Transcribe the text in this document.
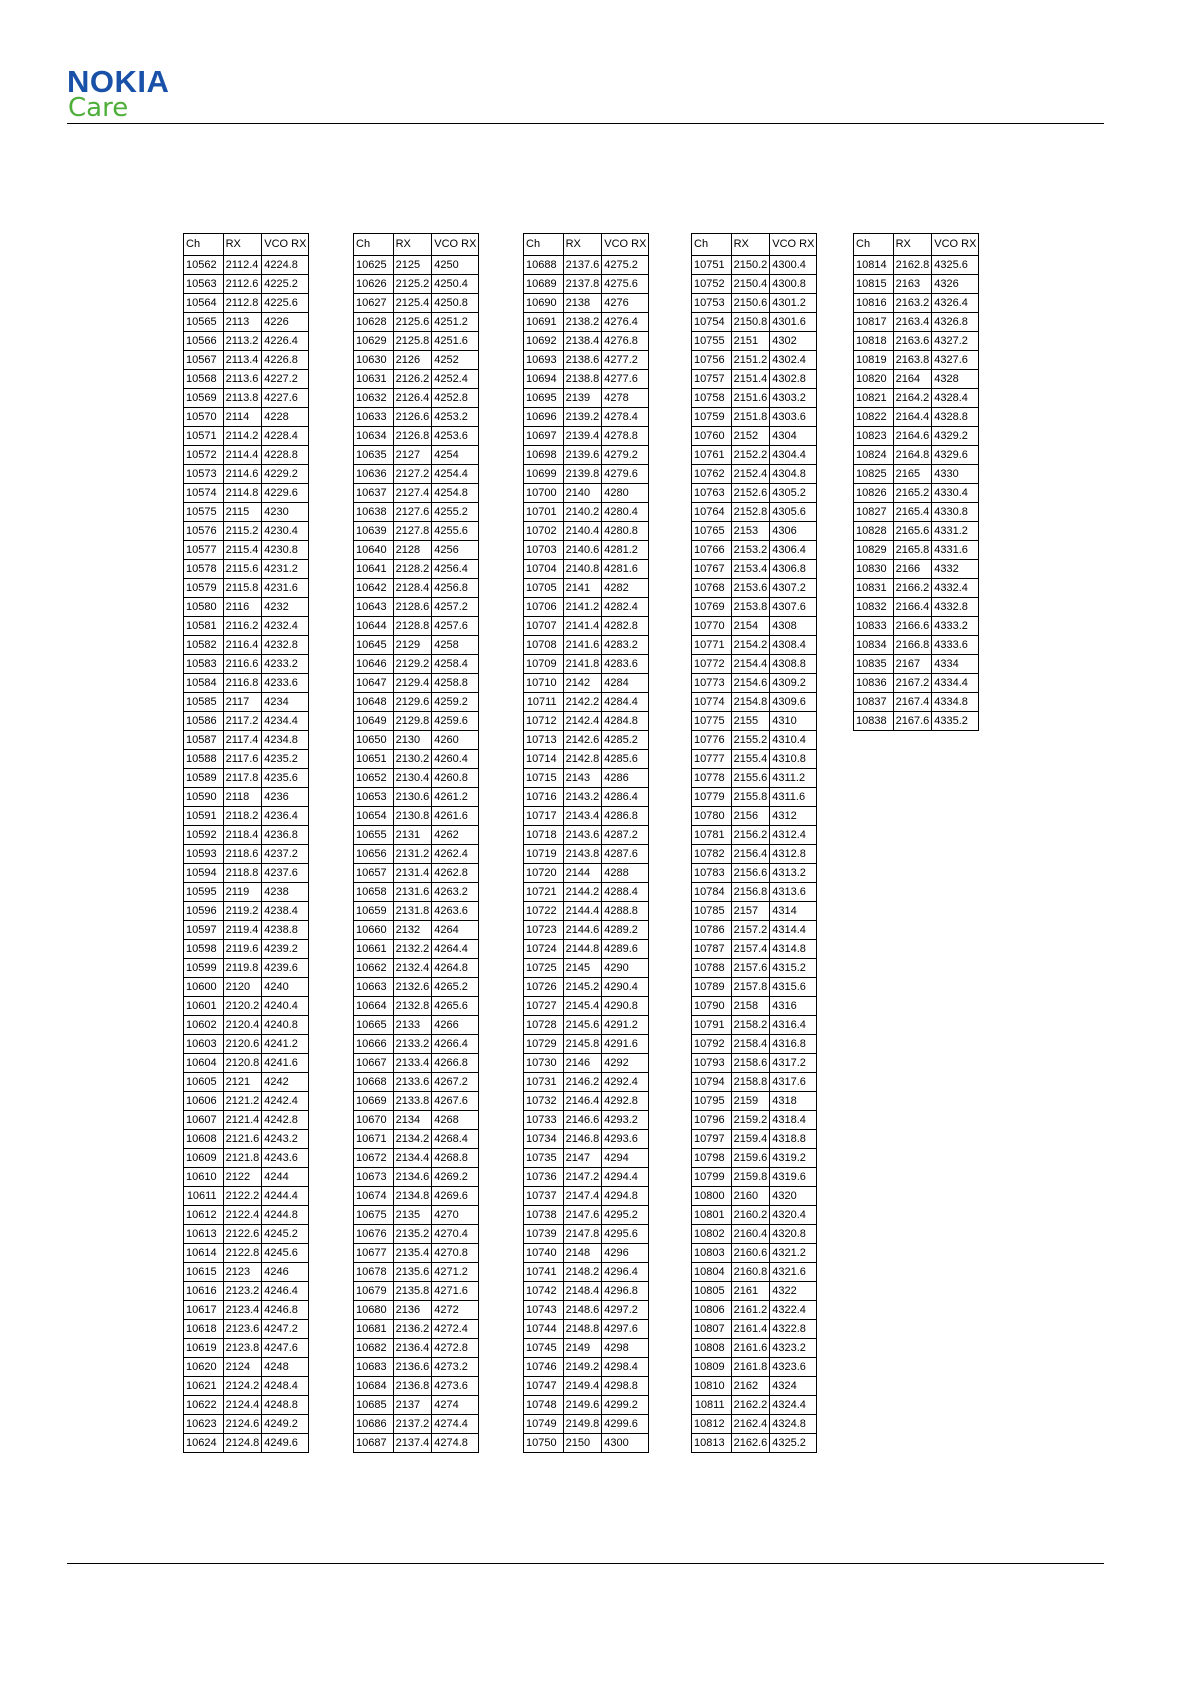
NOKIA
Care
Ch	RX	VCO RX
10562	2112.4	4224.8
10563	2112.6	4225.2
10564	2112.8	4225.6
10565	2113	4226
10566	2113.2	4226.4
10567	2113.4	4226.8
10568	2113.6	4227.2
10569	2113.8	4227.6
10570	2114	4228
10571	2114.2	4228.4
10572	2114.4	4228.8
10573	2114.6	4229.2
10574	2114.8	4229.6
10575	2115	4230
10576	2115.2	4230.4
10577	2115.4	4230.8
10578	2115.6	4231.2
10579	2115.8	4231.6
10580	2116	4232
10581	2116.2	4232.4
10582	2116.4	4232.8
10583	2116.6	4233.2
10584	2116.8	4233.6
10585	2117	4234
10586	2117.2	4234.4
10587	2117.4	4234.8
10588	2117.6	4235.2
10589	2117.8	4235.6
10590	2118	4236
10591	2118.2	4236.4
10592	2118.4	4236.8
10593	2118.6	4237.2
10594	2118.8	4237.6
10595	2119	4238
10596	2119.2	4238.4
10597	2119.4	4238.8
10598	2119.6	4239.2
10599	2119.8	4239.6
10600	2120	4240
10601	2120.2	4240.4
10602	2120.4	4240.8
10603	2120.6	4241.2
10604	2120.8	4241.6
10605	2121	4242
10606	2121.2	4242.4
10607	2121.4	4242.8
10608	2121.6	4243.2
10609	2121.8	4243.6
10610	2122	4244
10611	2122.2	4244.4
10612	2122.4	4244.8
10613	2122.6	4245.2
10614	2122.8	4245.6
10615	2123	4246
10616	2123.2	4246.4
10617	2123.4	4246.8
10618	2123.6	4247.2
10619	2123.8	4247.6
10620	2124	4248
10621	2124.2	4248.4
10622	2124.4	4248.8
10623	2124.6	4249.2
10624	2124.8	4249.6
Ch	RX	VCO RX
10625	2125	4250
10626	2125.2	4250.4
10627	2125.4	4250.8
10628	2125.6	4251.2
10629	2125.8	4251.6
10630	2126	4252
10631	2126.2	4252.4
10632	2126.4	4252.8
10633	2126.6	4253.2
10634	2126.8	4253.6
10635	2127	4254
10636	2127.2	4254.4
10637	2127.4	4254.8
10638	2127.6	4255.2
10639	2127.8	4255.6
10640	2128	4256
10641	2128.2	4256.4
10642	2128.4	4256.8
10643	2128.6	4257.2
10644	2128.8	4257.6
10645	2129	4258
10646	2129.2	4258.4
10647	2129.4	4258.8
10648	2129.6	4259.2
10649	2129.8	4259.6
10650	2130	4260
10651	2130.2	4260.4
10652	2130.4	4260.8
10653	2130.6	4261.2
10654	2130.8	4261.6
10655	2131	4262
10656	2131.2	4262.4
10657	2131.4	4262.8
10658	2131.6	4263.2
10659	2131.8	4263.6
10660	2132	4264
10661	2132.2	4264.4
10662	2132.4	4264.8
10663	2132.6	4265.2
10664	2132.8	4265.6
10665	2133	4266
10666	2133.2	4266.4
10667	2133.4	4266.8
10668	2133.6	4267.2
10669	2133.8	4267.6
10670	2134	4268
10671	2134.2	4268.4
10672	2134.4	4268.8
10673	2134.6	4269.2
10674	2134.8	4269.6
10675	2135	4270
10676	2135.2	4270.4
10677	2135.4	4270.8
10678	2135.6	4271.2
10679	2135.8	4271.6
10680	2136	4272
10681	2136.2	4272.4
10682	2136.4	4272.8
10683	2136.6	4273.2
10684	2136.8	4273.6
10685	2137	4274
10686	2137.2	4274.4
10687	2137.4	4274.8
Ch	RX	VCO RX
10688	2137.6	4275.2
10689	2137.8	4275.6
10690	2138	4276
10691	2138.2	4276.4
10692	2138.4	4276.8
10693	2138.6	4277.2
10694	2138.8	4277.6
10695	2139	4278
10696	2139.2	4278.4
10697	2139.4	4278.8
10698	2139.6	4279.2
10699	2139.8	4279.6
10700	2140	4280
10701	2140.2	4280.4
10702	2140.4	4280.8
10703	2140.6	4281.2
10704	2140.8	4281.6
10705	2141	4282
10706	2141.2	4282.4
10707	2141.4	4282.8
10708	2141.6	4283.2
10709	2141.8	4283.6
10710	2142	4284
10711	2142.2	4284.4
10712	2142.4	4284.8
10713	2142.6	4285.2
10714	2142.8	4285.6
10715	2143	4286
10716	2143.2	4286.4
10717	2143.4	4286.8
10718	2143.6	4287.2
10719	2143.8	4287.6
10720	2144	4288
10721	2144.2	4288.4
10722	2144.4	4288.8
10723	2144.6	4289.2
10724	2144.8	4289.6
10725	2145	4290
10726	2145.2	4290.4
10727	2145.4	4290.8
10728	2145.6	4291.2
10729	2145.8	4291.6
10730	2146	4292
10731	2146.2	4292.4
10732	2146.4	4292.8
10733	2146.6	4293.2
10734	2146.8	4293.6
10735	2147	4294
10736	2147.2	4294.4
10737	2147.4	4294.8
10738	2147.6	4295.2
10739	2147.8	4295.6
10740	2148	4296
10741	2148.2	4296.4
10742	2148.4	4296.8
10743	2148.6	4297.2
10744	2148.8	4297.6
10745	2149	4298
10746	2149.2	4298.4
10747	2149.4	4298.8
10748	2149.6	4299.2
10749	2149.8	4299.6
10750	2150	4300
Ch	RX	VCO RX
10751	2150.2	4300.4
10752	2150.4	4300.8
10753	2150.6	4301.2
10754	2150.8	4301.6
10755	2151	4302
10756	2151.2	4302.4
10757	2151.4	4302.8
10758	2151.6	4303.2
10759	2151.8	4303.6
10760	2152	4304
10761	2152.2	4304.4
10762	2152.4	4304.8
10763	2152.6	4305.2
10764	2152.8	4305.6
10765	2153	4306
10766	2153.2	4306.4
10767	2153.4	4306.8
10768	2153.6	4307.2
10769	2153.8	4307.6
10770	2154	4308
10771	2154.2	4308.4
10772	2154.4	4308.8
10773	2154.6	4309.2
10774	2154.8	4309.6
10775	2155	4310
10776	2155.2	4310.4
10777	2155.4	4310.8
10778	2155.6	4311.2
10779	2155.8	4311.6
10780	2156	4312
10781	2156.2	4312.4
10782	2156.4	4312.8
10783	2156.6	4313.2
10784	2156.8	4313.6
10785	2157	4314
10786	2157.2	4314.4
10787	2157.4	4314.8
10788	2157.6	4315.2
10789	2157.8	4315.6
10790	2158	4316
10791	2158.2	4316.4
10792	2158.4	4316.8
10793	2158.6	4317.2
10794	2158.8	4317.6
10795	2159	4318
10796	2159.2	4318.4
10797	2159.4	4318.8
10798	2159.6	4319.2
10799	2159.8	4319.6
10800	2160	4320
10801	2160.2	4320.4
10802	2160.4	4320.8
10803	2160.6	4321.2
10804	2160.8	4321.6
10805	2161	4322
10806	2161.2	4322.4
10807	2161.4	4322.8
10808	2161.6	4323.2
10809	2161.8	4323.6
10810	2162	4324
10811	2162.2	4324.4
10812	2162.4	4324.8
10813	2162.6	4325.2
Ch	RX	VCO RX
10814	2162.8	4325.6
10815	2163	4326
10816	2163.2	4326.4
10817	2163.4	4326.8
10818	2163.6	4327.2
10819	2163.8	4327.6
10820	2164	4328
10821	2164.2	4328.4
10822	2164.4	4328.8
10823	2164.6	4329.2
10824	2164.8	4329.6
10825	2165	4330
10826	2165.2	4330.4
10827	2165.4	4330.8
10828	2165.6	4331.2
10829	2165.8	4331.6
10830	2166	4332
10831	2166.2	4332.4
10832	2166.4	4332.8
10833	2166.6	4333.2
10834	2166.8	4333.6
10835	2167	4334
10836	2167.2	4334.4
10837	2167.4	4334.8
10838	2167.6	4335.2
